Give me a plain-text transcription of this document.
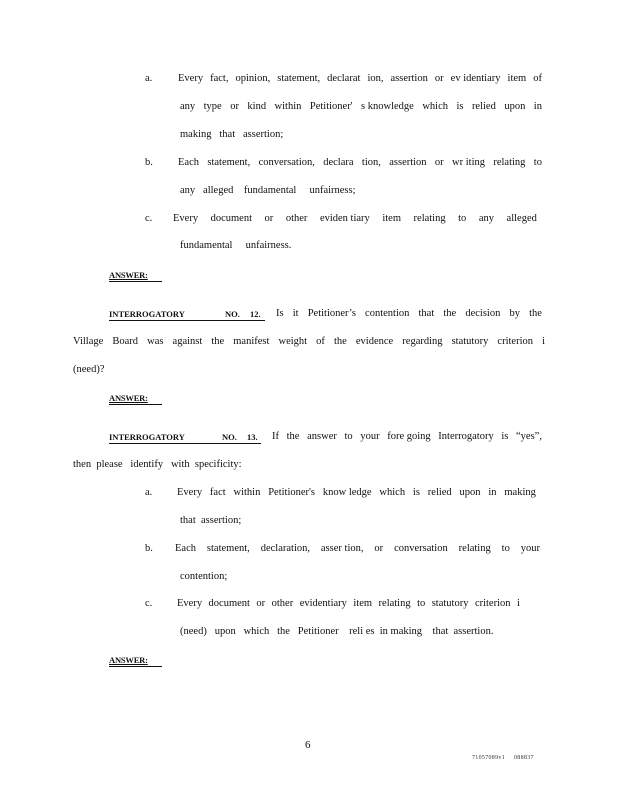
a. Every fact, opinion, statement, declarat ion, assertion or ev identiary item of
any type or kind within Petitioner' s knowledge which is relied upon in
making   that   assertion;
b. Each statement, conversation, declara tion, assertion or wr iting relating to
any   alleged    fundamental     unfairness;
c. Every document or other eviden tiary item relating to any alleged
fundamental     unfairness.
ANSWER:
INTERROGATORY	NO. 12. Is it Petitioner’s contention that the decision by the
Village Board was against the manifest weight of the evidence regarding statutory criterion i
(need)?
ANSWER:
INTERROGATORY	NO. 13. If the answer to your fore going Interrogatory is “yes”,
then  please   identify   with  specificity:
a. Every fact within Petitioner's know ledge which is relied upon in making
that  assertion;
b. Each statement, declaration, asser tion, or conversation relating to your
contention;
c. Every document or other evidentiary item relating to statutory criterion i
(need)   upon   which   the   Petitioner    reli es  in making    that  assertion.
ANSWER:
6
71057089v1     088837
